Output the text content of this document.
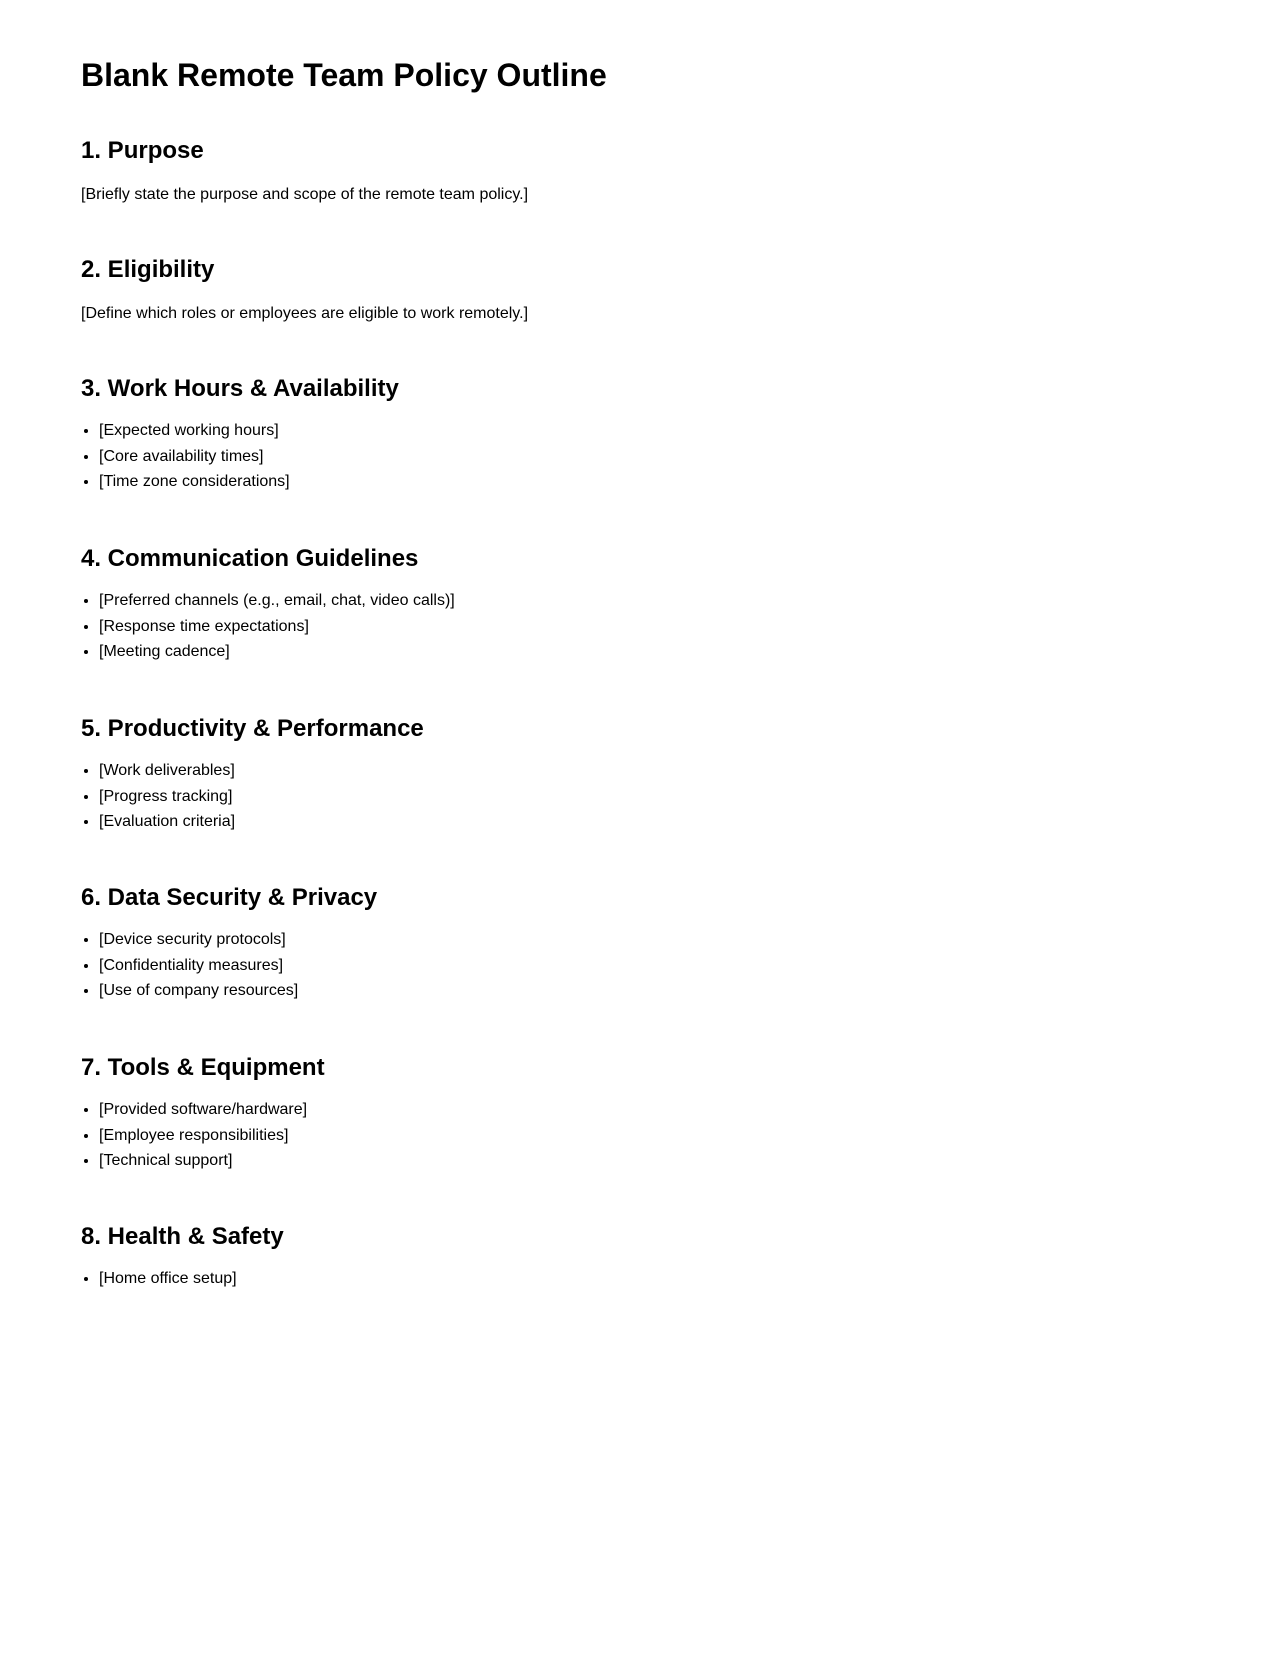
Blank Remote Team Policy Outline
1. Purpose

[Briefly state the purpose and scope of the remote team policy.]

2. Eligibility

[Define which roles or employees are eligible to work remotely.]

3. Work Hours & Availability
• [Expected working hours]
• [Core availability times]
• [Time zone considerations]
4. Communication Guidelines
• [Preferred channels (e.g., email, chat, video calls)]
• [Response time expectations]
• [Meeting cadence]
5. Productivity & Performance
• [Work deliverables]
• [Progress tracking]
• [Evaluation criteria]
6. Data Security & Privacy
• [Device security protocols]
• [Confidentiality measures]
• [Use of company resources]
7. Tools & Equipment
• [Provided software/hardware]
• [Employee responsibilities]
• [Technical support]
8. Health & Safety
• [Home office setup]
